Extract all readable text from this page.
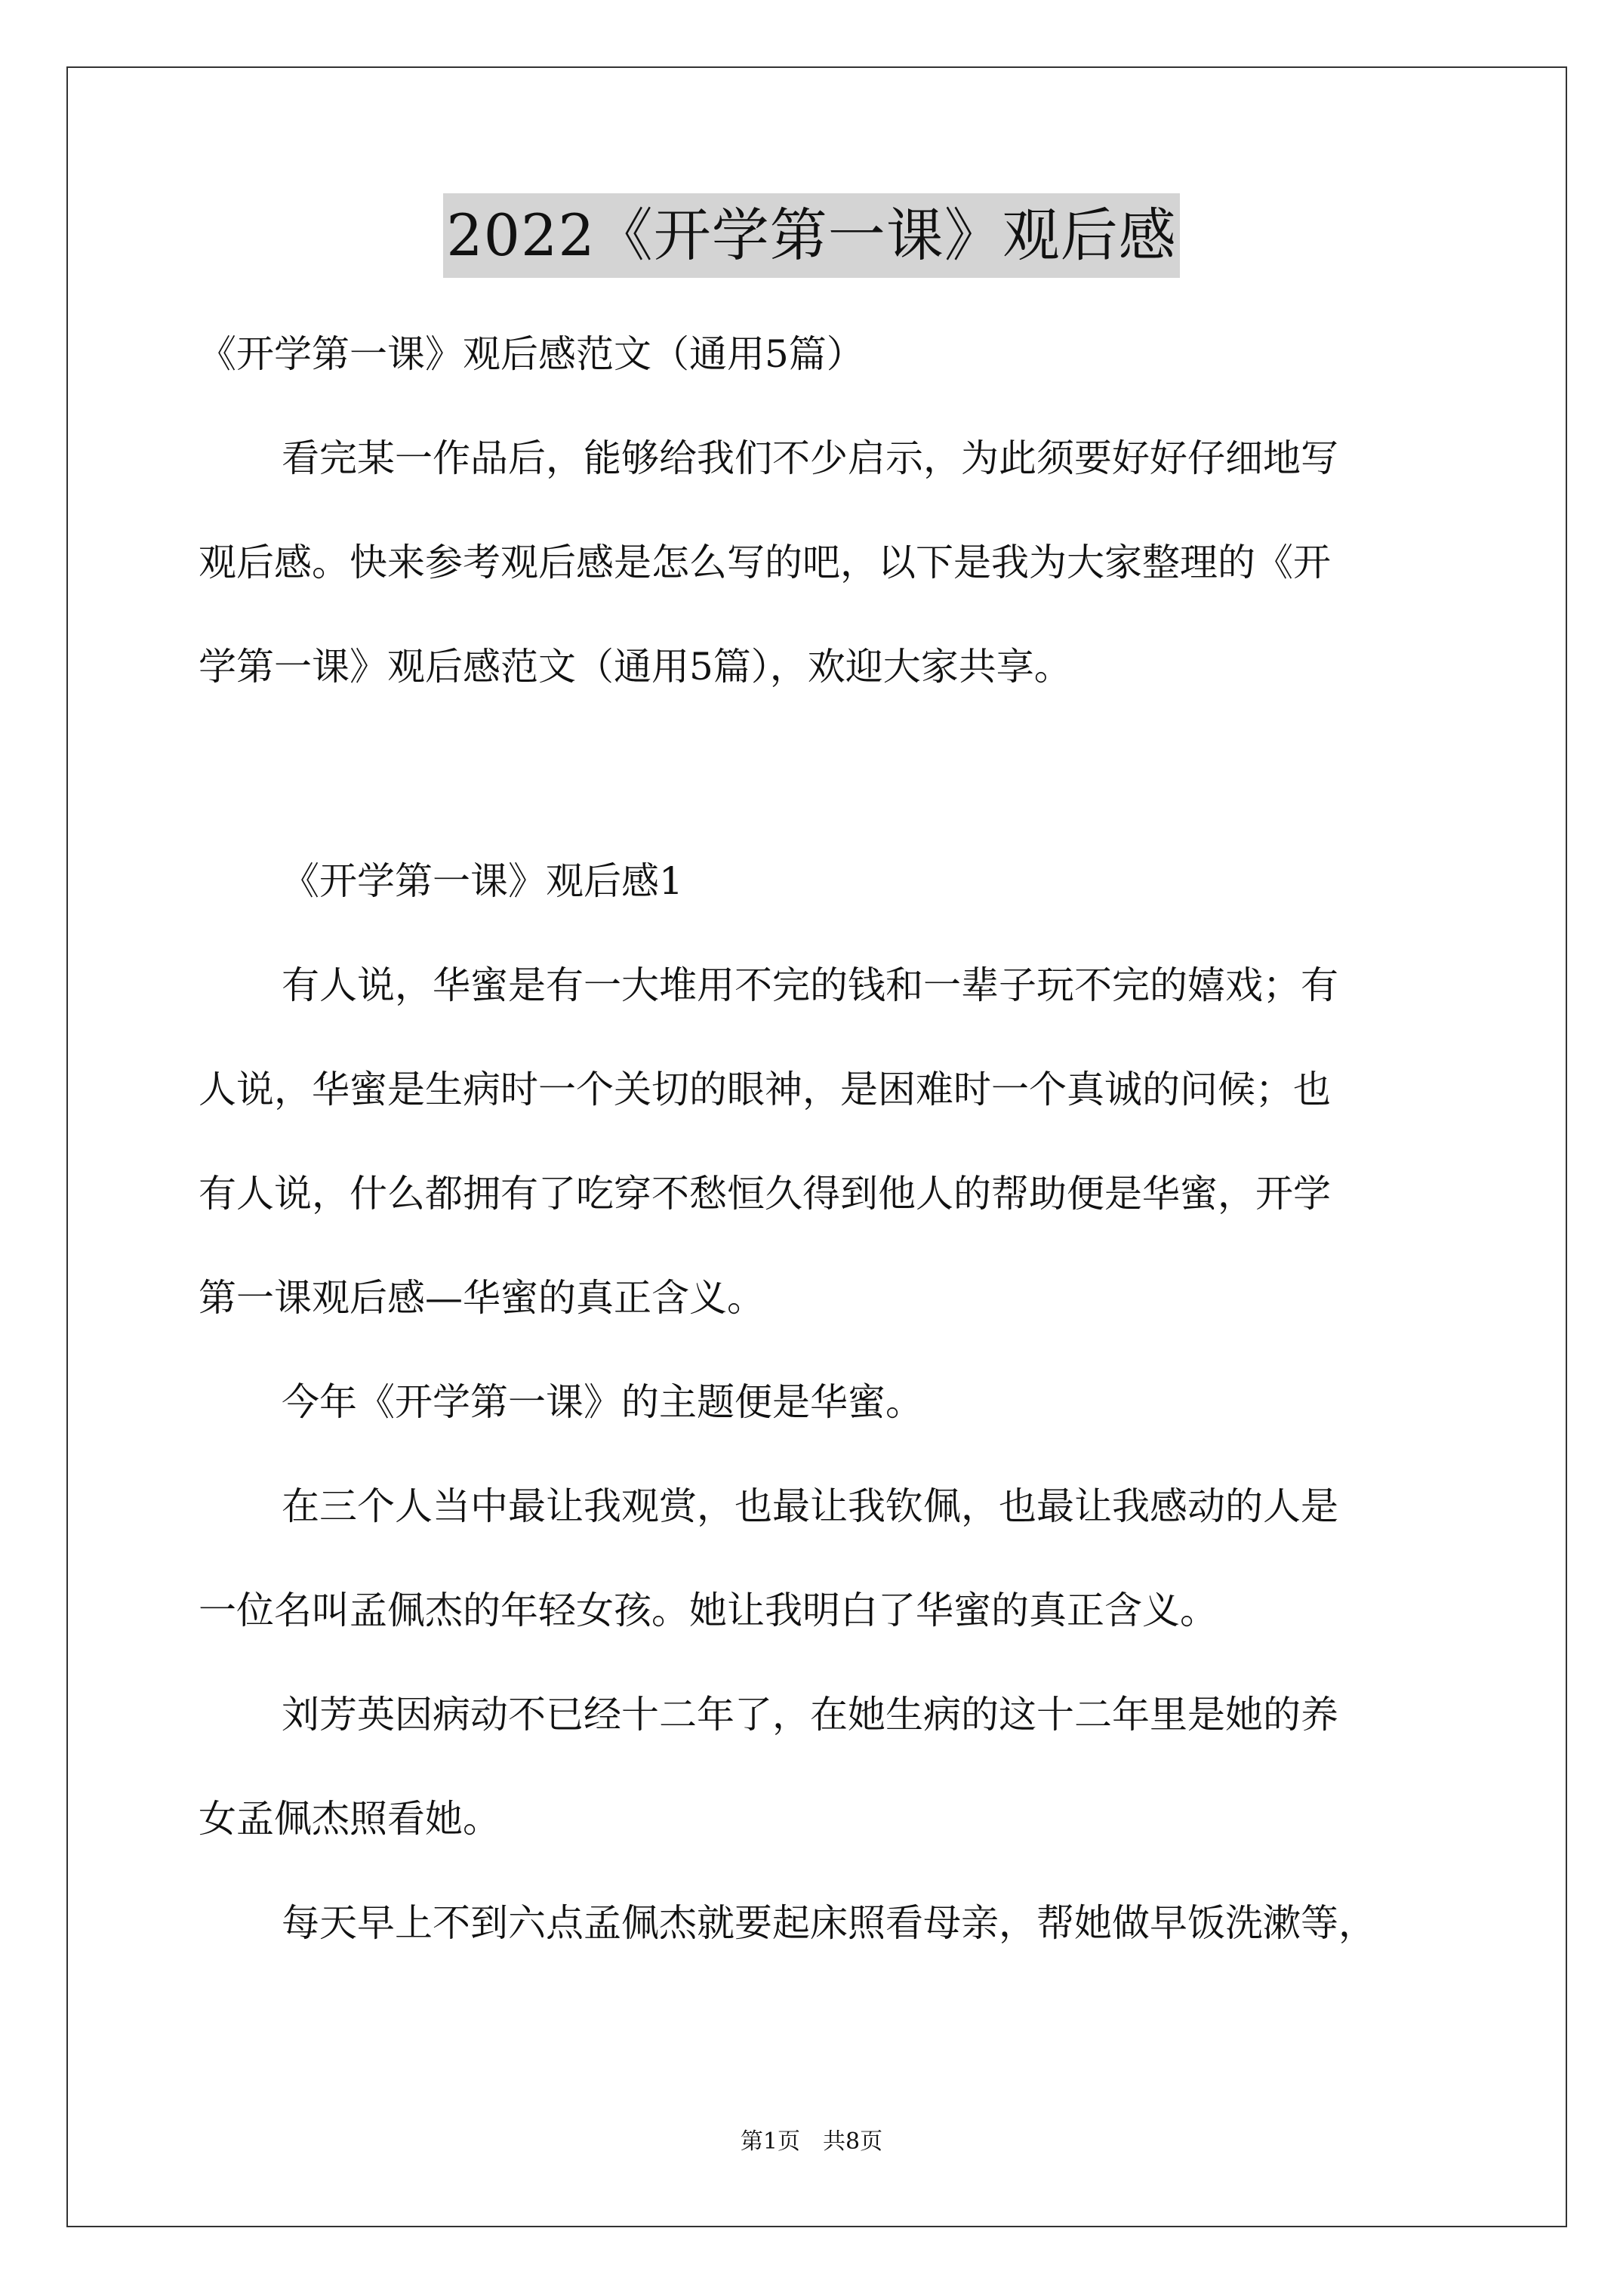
2022《开学第一课》观后感
《开学第一课》观后感范文（通用5篇）
看完某一作品后，能够给我们不少启示，为此须要好好仔细地写
观后感。快来参考观后感是怎么写的吧，以下是我为大家整理的《开
学第一课》观后感范文（通用5篇），欢迎大家共享。
《开学第一课》观后感1
有人说，华蜜是有一大堆用不完的钱和一辈子玩不完的嬉戏；有
人说，华蜜是生病时一个关切的眼神，是困难时一个真诚的问候；也
有人说，什么都拥有了吃穿不愁恒久得到他人的帮助便是华蜜，开学
第一课观后感—华蜜的真正含义。
今年《开学第一课》的主题便是华蜜。
在三个人当中最让我观赏，也最让我钦佩，也最让我感动的人是
一位名叫孟佩杰的年轻女孩。她让我明白了华蜜的真正含义。
刘芳英因病动不已经十二年了，在她生病的这十二年里是她的养
女孟佩杰照看她。
每天早上不到六点孟佩杰就要起床照看母亲，帮她做早饭洗漱等，
第1页　共8页
